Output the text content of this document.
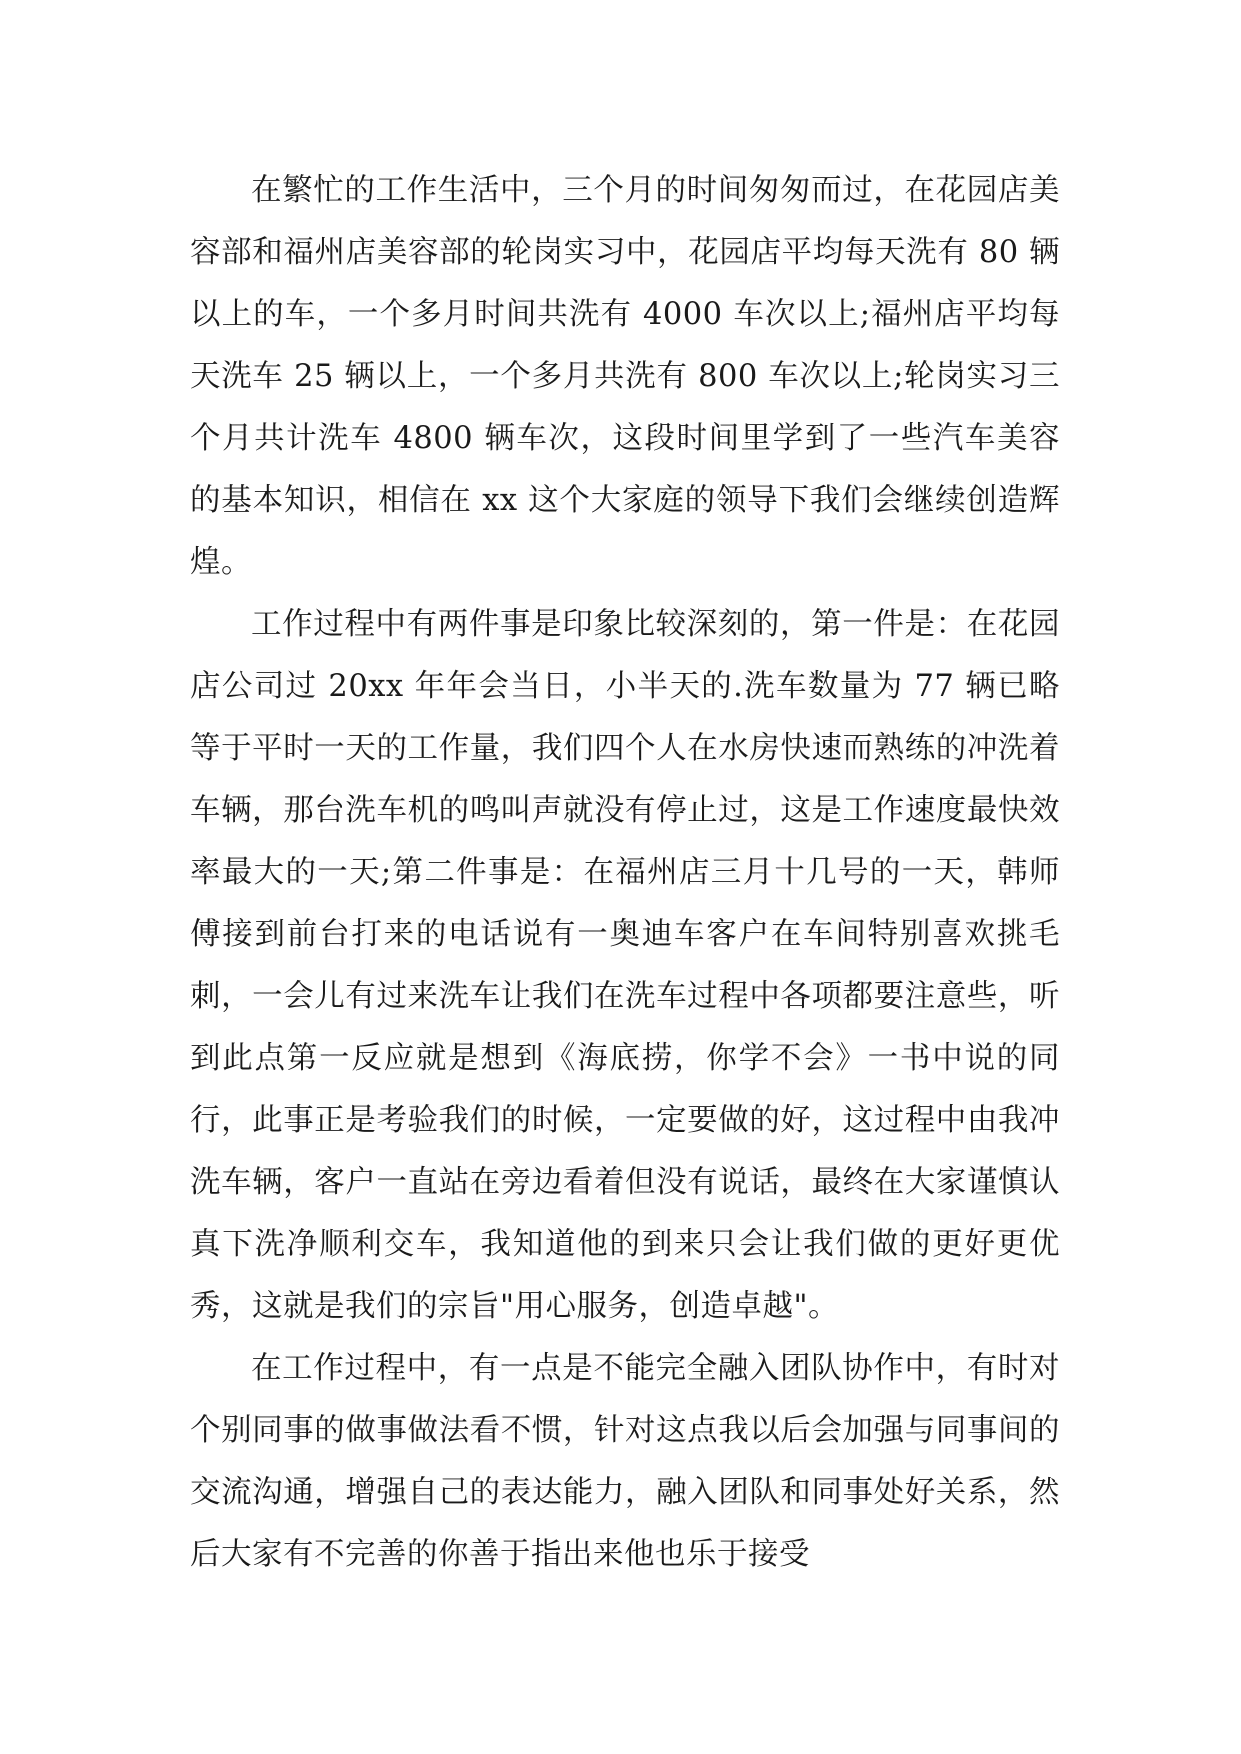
在繁忙的工作生活中，三个月的时间匆匆而过，在花园店美容部和福州店美容部的轮岗实习中，花园店平均每天洗有 80 辆以上的车，一个多月时间共洗有 4000 车次以上;福州店平均每天洗车 25 辆以上，一个多月共洗有 800 车次以上;轮岗实习三个月共计洗车 4800 辆车次，这段时间里学到了一些汽车美容的基本知识，相信在 xx 这个大家庭的领导下我们会继续创造辉煌。

工作过程中有两件事是印象比较深刻的，第一件是：在花园店公司过 20xx 年年会当日，小半天的.洗车数量为 77 辆已略等于平时一天的工作量，我们四个人在水房快速而熟练的冲洗着车辆，那台洗车机的鸣叫声就没有停止过，这是工作速度最快效率最大的一天;第二件事是：在福州店三月十几号的一天，韩师傅接到前台打来的电话说有一奥迪车客户在车间特别喜欢挑毛刺，一会儿有过来洗车让我们在洗车过程中各项都要注意些，听到此点第一反应就是想到《海底捞，你学不会》一书中说的同行，此事正是考验我们的时候，一定要做的好，这过程中由我冲洗车辆，客户一直站在旁边看着但没有说话，最终在大家谨慎认真下洗净顺利交车，我知道他的到来只会让我们做的更好更优秀，这就是我们的宗旨"用心服务，创造卓越"。

在工作过程中，有一点是不能完全融入团队协作中，有时对个别同事的做事做法看不惯，针对这点我以后会加强与同事间的交流沟通，增强自己的表达能力，融入团队和同事处好关系，然后大家有不完善的你善于指出来他也乐于接受
